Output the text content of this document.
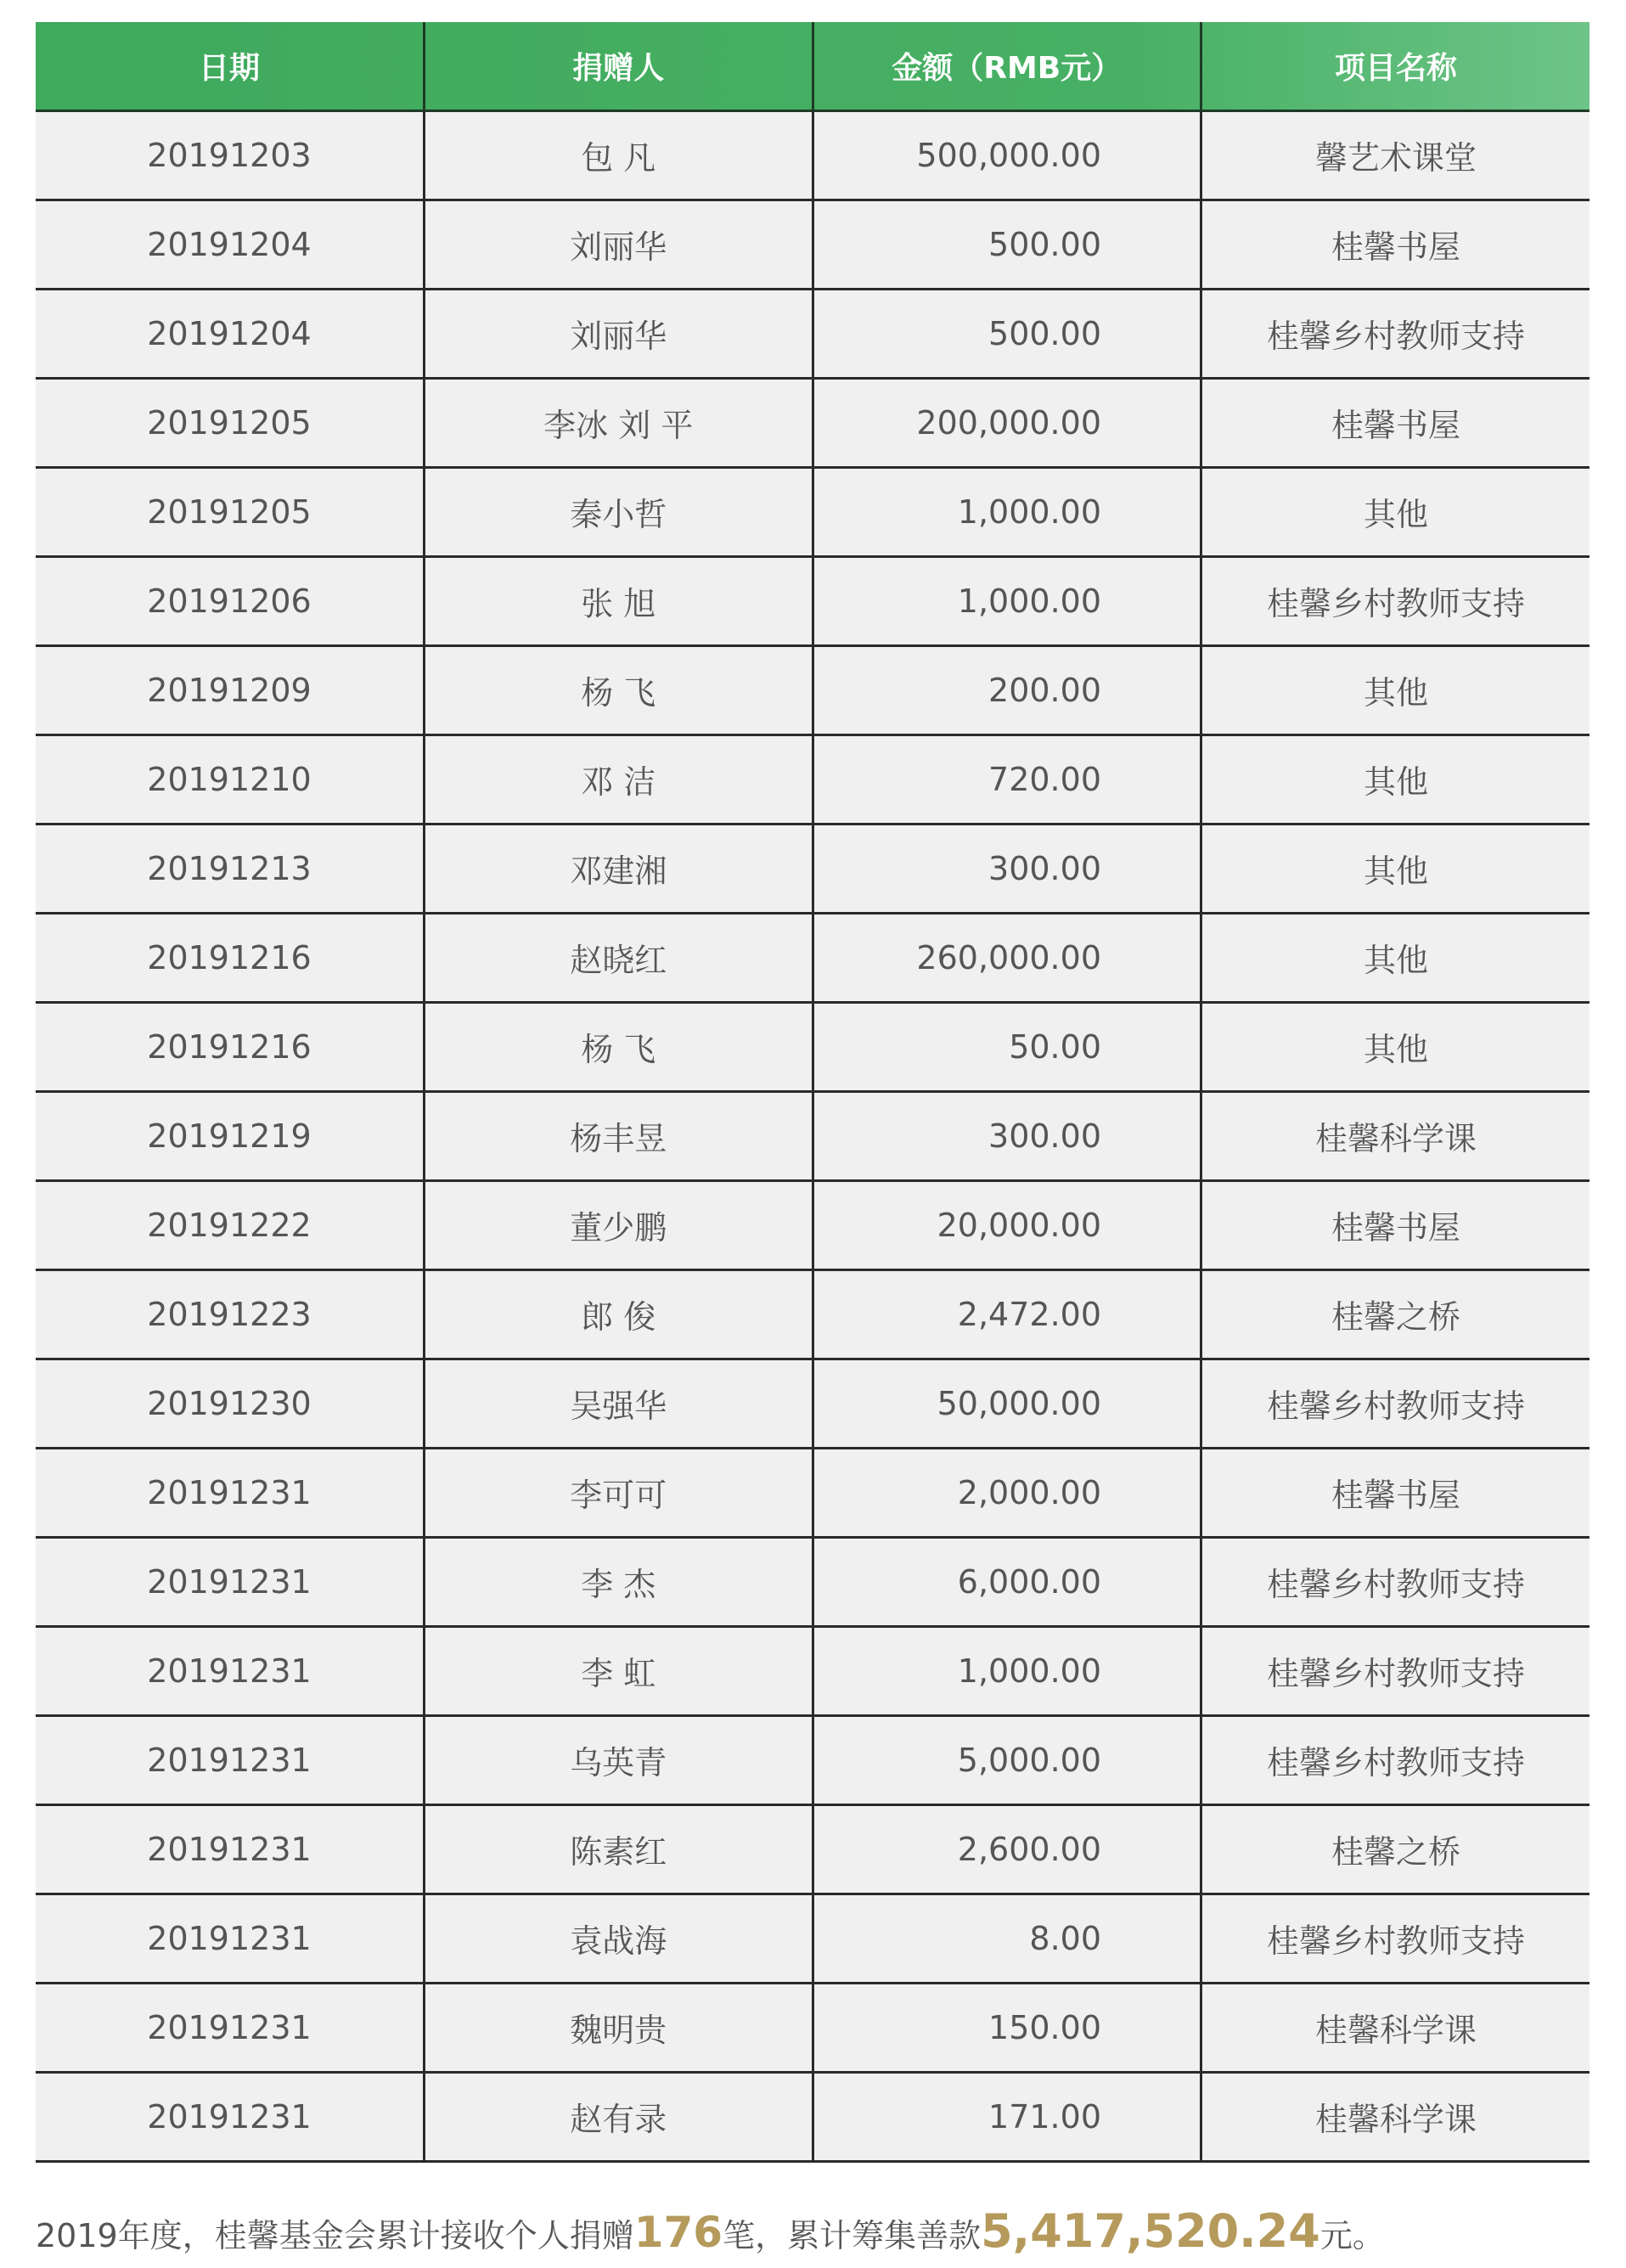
日期	捐赠人	金额（RMB元）	项目名称
20191203	包 凡	500,000.00	馨艺术课堂
20191204	刘丽华	500.00	桂馨书屋
20191204	刘丽华	500.00	桂馨乡村教师支持
20191205	李冰 刘 平	200,000.00	桂馨书屋
20191205	秦小哲	1,000.00	其他
20191206	张 旭	1,000.00	桂馨乡村教师支持
20191209	杨 飞	200.00	其他
20191210	邓 洁	720.00	其他
20191213	邓建湘	300.00	其他
20191216	赵晓红	260,000.00	其他
20191216	杨 飞	50.00	其他
20191219	杨丰昱	300.00	桂馨科学课
20191222	董少鹏	20,000.00	桂馨书屋
20191223	郎 俊	2,472.00	桂馨之桥
20191230	吴强华	50,000.00	桂馨乡村教师支持
20191231	李可可	2,000.00	桂馨书屋
20191231	李 杰	6,000.00	桂馨乡村教师支持
20191231	李 虹	1,000.00	桂馨乡村教师支持
20191231	乌英青	5,000.00	桂馨乡村教师支持
20191231	陈素红	2,600.00	桂馨之桥
20191231	袁战海	8.00	桂馨乡村教师支持
20191231	魏明贵	150.00	桂馨科学课
20191231	赵有录	171.00	桂馨科学课
2019年度，桂馨基金会累计接收个人捐赠176笔，累计筹集善款5,417,520.24元。
